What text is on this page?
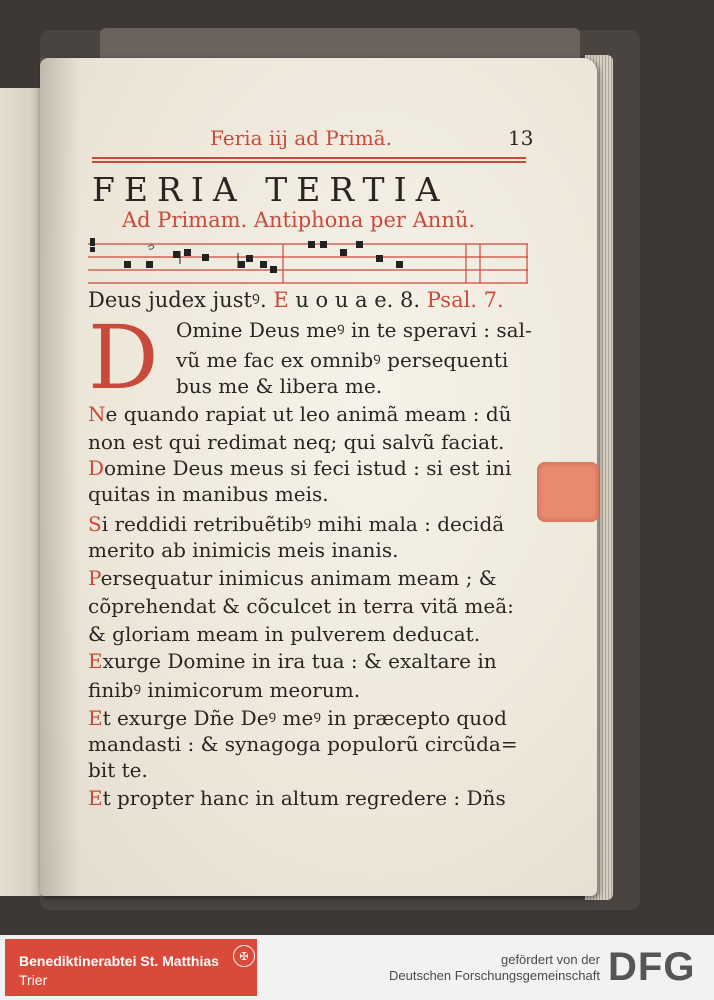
Feria iij ad Primã.	13
FERIA TERTIA
Ad Primam. Antiphona per Annũ.
Deus judex justꝰ. E u o u a e. 8. Psal. 7.
D Omine Deus meꝰ in te speravi : sal-
vũ me fac ex omnibꝰ persequenti
bus me & libera me.
Ne quando rapiat ut leo animã meam : dũ
non est qui redimat neq; qui salvũ faciat.
Domine Deus meus si feci istud : si est ini
quitas in manibus meis.
Si reddidi retribuẽtibꝰ mihi mala : decidã
merito ab inimicis meis inanis.
Persequatur inimicus animam meam ; &
cõprehendat & cõculcet in terra vitã meã:
& gloriam meam in pulverem deducat.
Exurge Domine in ira tua : & exaltare in
finibꝰ inimicorum meorum.
Et exurge Dñe Deꝰ meꝰ in præcepto quod
mandasti : & synagoga populorũ circũda=
bit te.
Et propter hanc in altum regredere : Dñs
Benediktinerabtei St. Matthias
Trier
✠	gefördert von der
Deutschen Forschungsgemeinschaft DFG
